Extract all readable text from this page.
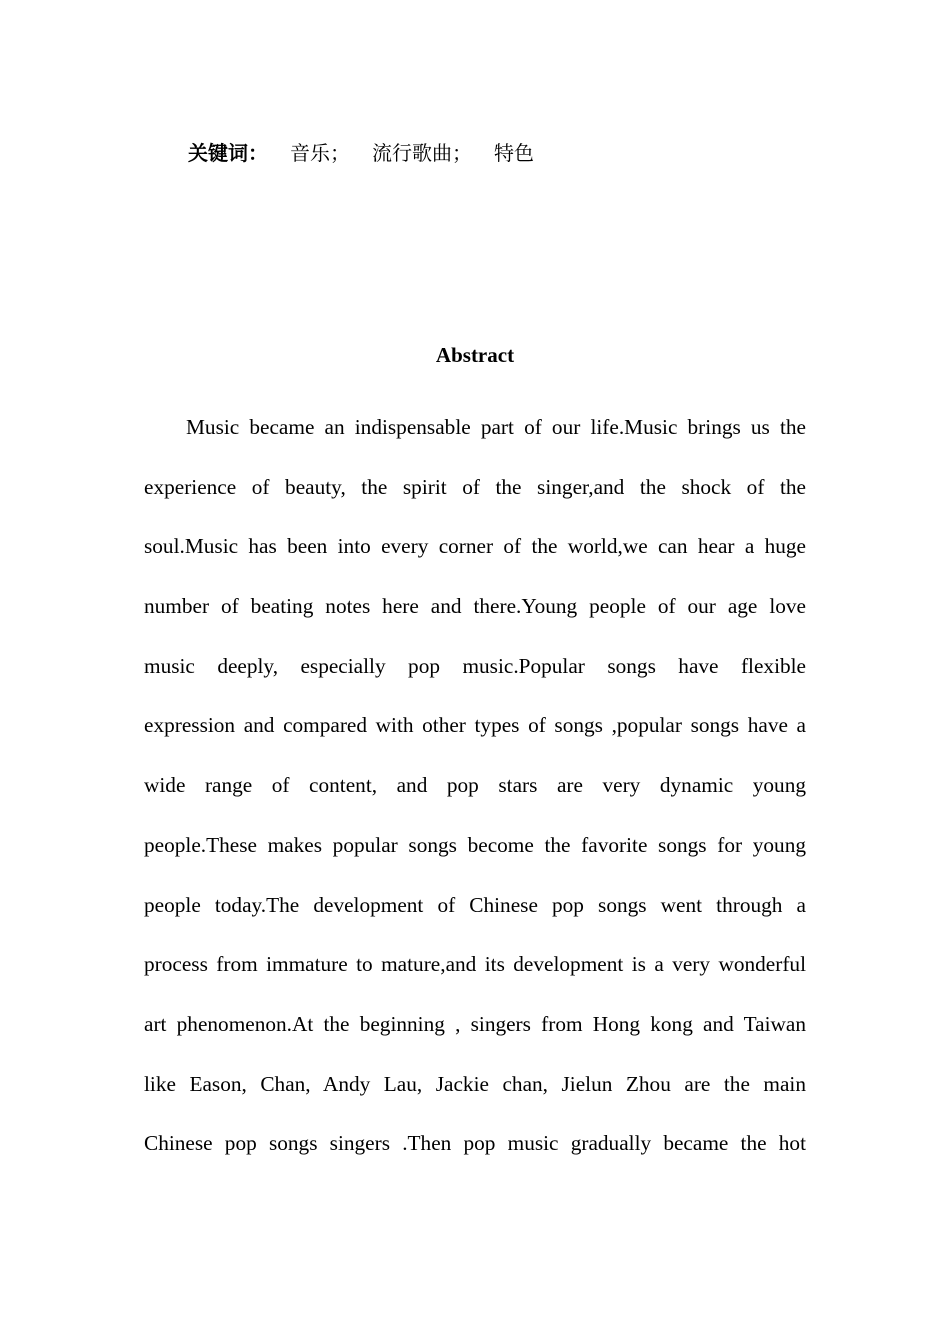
关键词： 音乐； 流行歌曲； 特色
Abstract
Music became an indispensable part of our life.Music brings us the
experience of beauty, the spirit of the singer,and the shock of the
soul.Music has been into every corner of the world,we can hear a huge
number of beating notes here and there.Young people of our age love
music deeply, especially pop music.Popular songs have flexible
expression and compared with other types of songs ,popular songs have a
wide range of content, and pop stars are very dynamic young
people.These makes popular songs become the favorite songs for young
people today.The development of Chinese pop songs went through a
process from immature to mature,and its development is a very wonderful
art phenomenon.At the beginning , singers from Hong kong and Taiwan
like Eason, Chan, Andy Lau, Jackie chan, Jielun Zhou are the main
Chinese pop songs singers .Then pop music gradually became the hot
